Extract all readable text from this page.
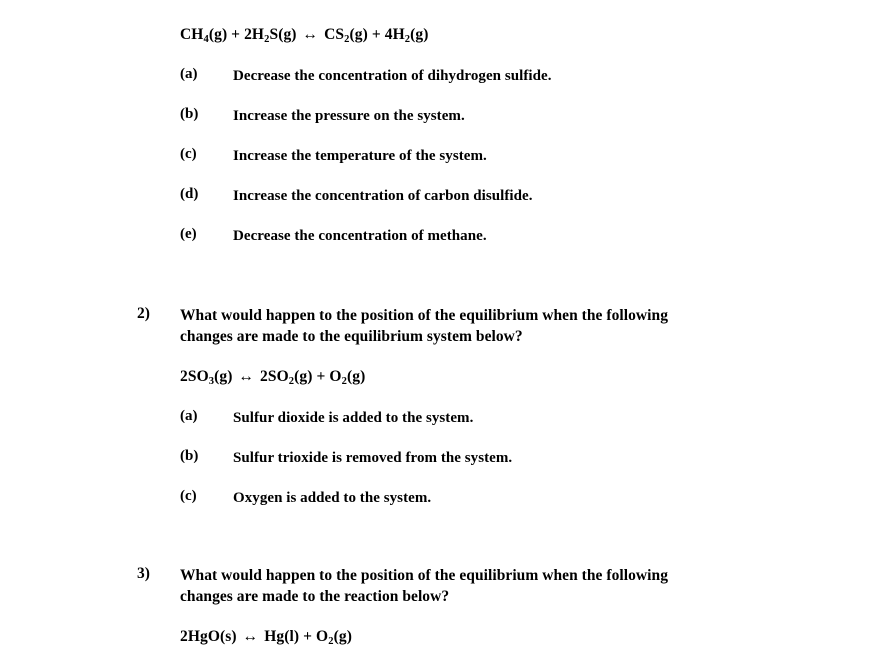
$CH_4(g) + 2H_2S(g)$ ↔ $CS_2(g) + 4H_2(g)$
(a)	Decrease the concentration of dihydrogen sulfide.
(b)	Increase the pressure on the system.
(c)	Increase the temperature of the system.
(d)	Increase the concentration of carbon disulfide.
(e)	Decrease the concentration of methane.
2)	What would happen to the position of the equilibrium when the following changes are made to the equilibrium system below?
$2SO_3(g)$ ↔ $2SO_2(g) + O_2(g)$
(a)	Sulfur dioxide is added to the system.
(b)	Sulfur trioxide is removed from the system.
(c)	Oxygen is added to the system.
3)	What would happen to the position of the equilibrium when the following changes are made to the reaction below?
2HgO(s) ↔ $Hg(l) + O_2(g)$
